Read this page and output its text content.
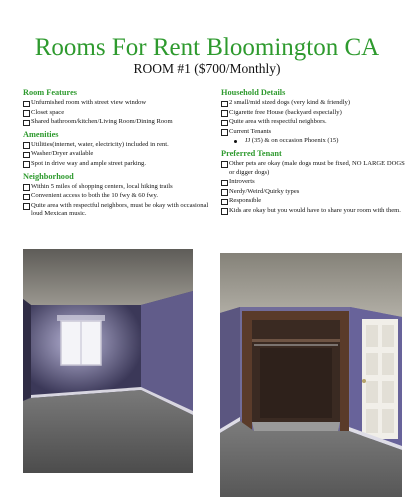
Rooms For Rent Bloomington CA
ROOM #1 ($700/Monthly)
Room Features
Unfurnished room with street view window
Closet space
Shared bathroom/kitchen/Living Room/Dining Room
Amenities
Utilities(internet, water, electricity) included in rent.
Washer/Dryer available
Spot in drive way and ample street parking.
Neighborhood
Within 5 miles of shopping centers, local hiking trails
Convenient access to both the 10 fwy & 60 fwy.
Quite area with respectful neighbors, must be okay with occasional loud Mexican music.
Household Details
2 small/mid sized dogs (very kind & friendly)
Cigarette free House (backyard especially)
Quite area with respectful neighbors.
Current Tenants
JJ (35) & on occasion Phoenix (15)
Preferred Tenant
Other pets are okay (male dogs must be fixed, NO LARGE DOGS or digger dogs)
Introverts
Nerdy/Weird/Quirky types
Responsible
Kids are okay but you would have to share your room with them.
